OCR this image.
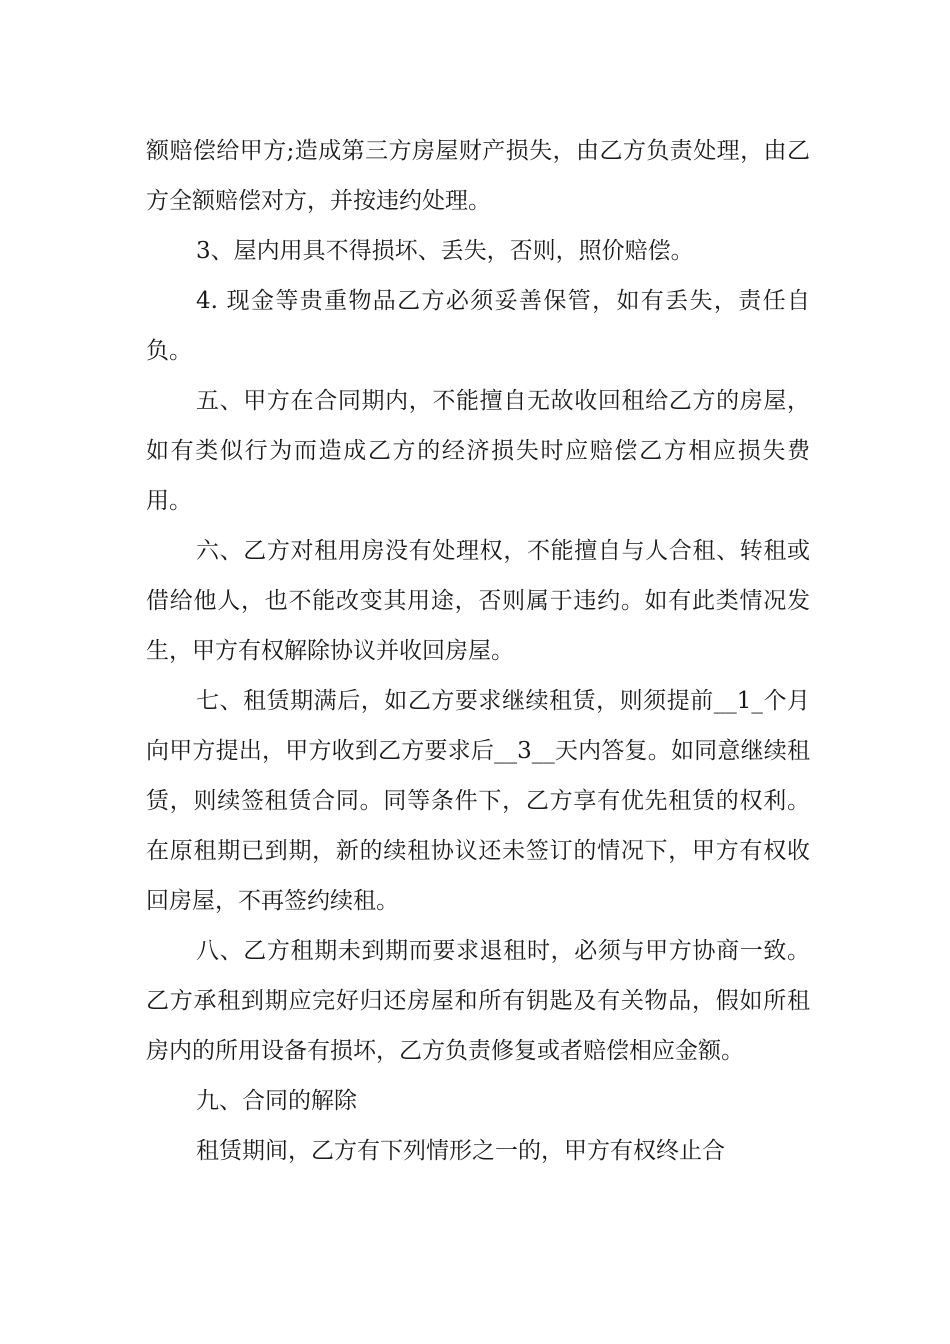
额赔偿给甲方;造成第三方房屋财产损失，由乙方负责处理，由乙方全额赔偿对方，并按违约处理。

3、屋内用具不得损坏、丢失，否则，照价赔偿。

4. 现金等贵重物品乙方必须妥善保管，如有丢失，责任自负。

五、甲方在合同期内，不能擅自无故收回租给乙方的房屋，如有类似行为而造成乙方的经济损失时应赔偿乙方相应损失费用。

六、乙方对租用房没有处理权，不能擅自与人合租、转租或借给他人，也不能改变其用途，否则属于违约。如有此类情况发生，甲方有权解除协议并收回房屋。

七、租赁期满后，如乙方要求继续租赁，则须提前__1_个月向甲方提出，甲方收到乙方要求后__3__天内答复。如同意继续租赁，则续签租赁合同。同等条件下，乙方享有优先租赁的权利。在原租期已到期，新的续租协议还未签订的情况下，甲方有权收回房屋，不再签约续租。

八、乙方租期未到期而要求退租时，必须与甲方协商一致。乙方承租到期应完好归还房屋和所有钥匙及有关物品，假如所租房内的所用设备有损坏，乙方负责修复或者赔偿相应金额。

九、合同的解除

租赁期间，乙方有下列情形之一的，甲方有权终止合
